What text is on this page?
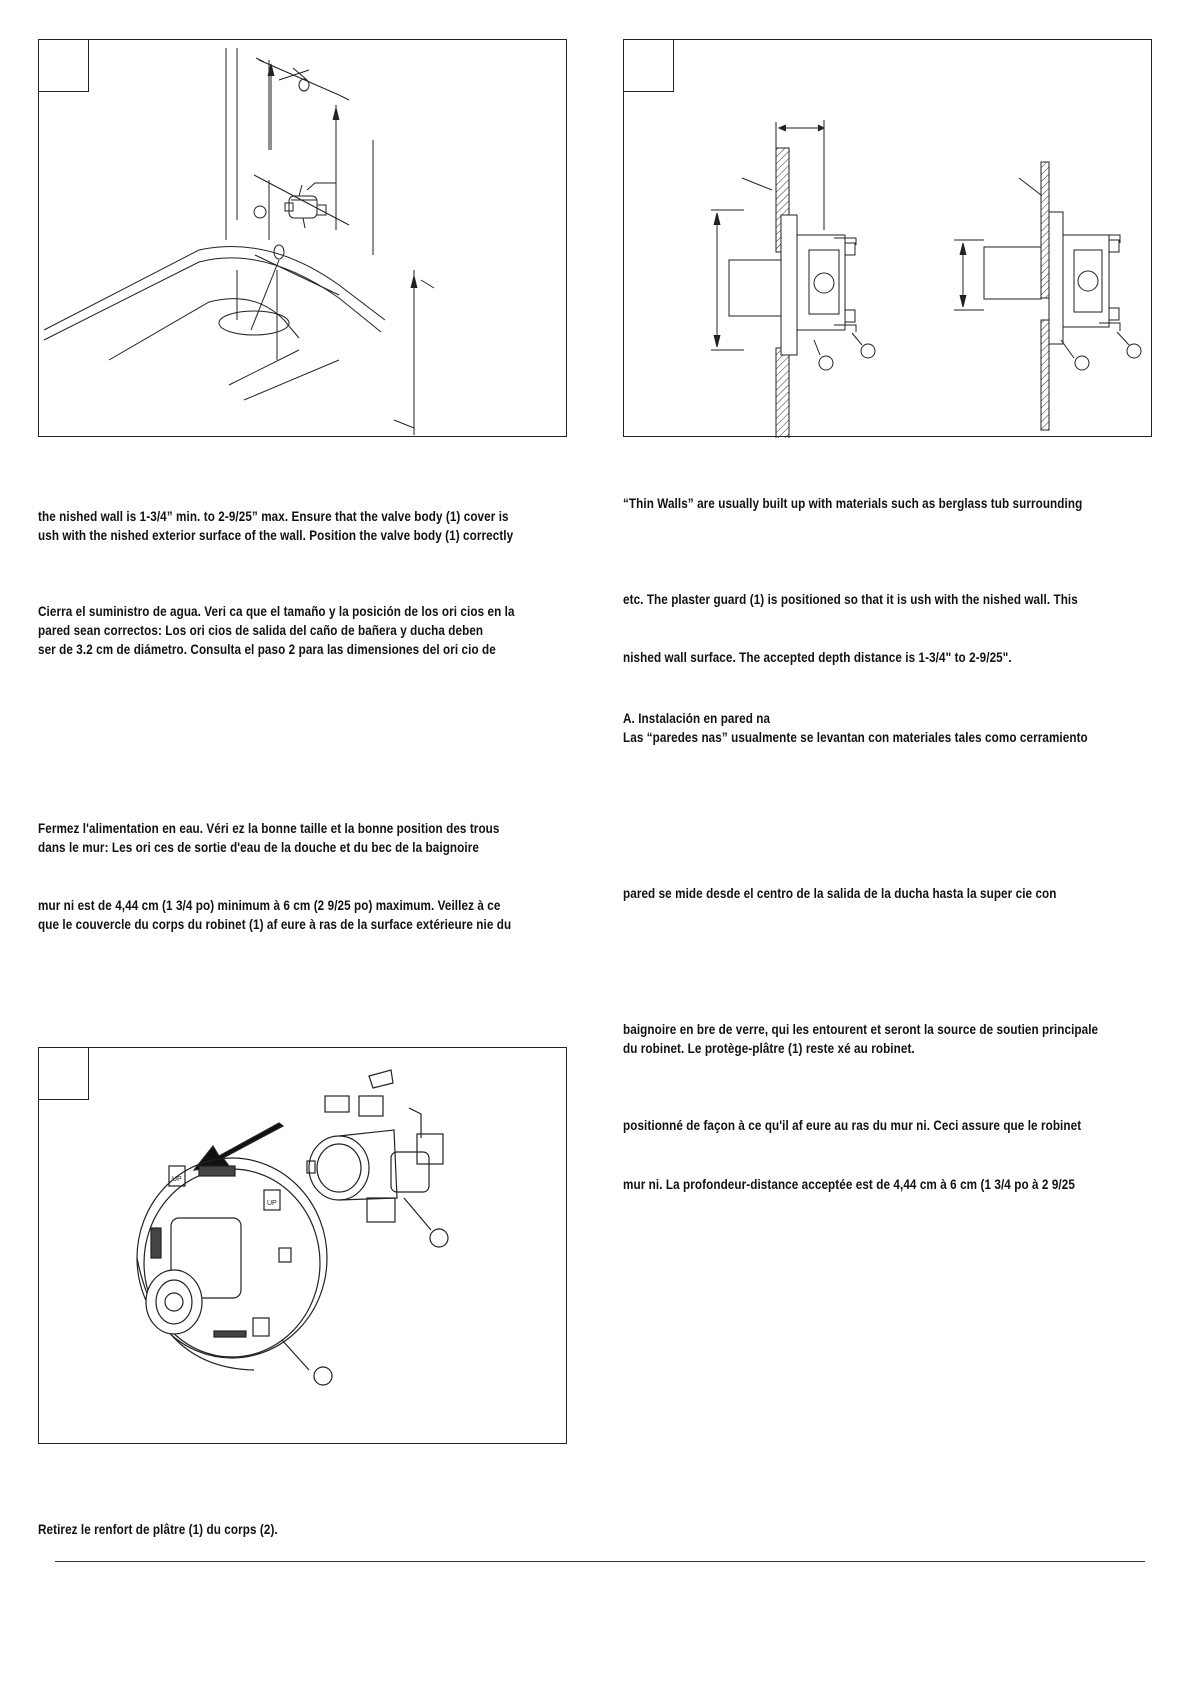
UP
UP
the nished wall is 1-3/4” min. to 2-9/25” max. Ensure that the valve body (1) cover is
ush with the nished exterior surface of the wall. Position the valve body (1) correctly
Cierra el suministro de agua. Veri ca que el tamaño y la posición de los ori cios en la
pared sean correctos: Los ori cios de salida del caño de bañera y ducha deben
ser de 3.2 cm de diámetro. Consulta el paso 2 para las dimensiones del ori cio de
Fermez l'alimentation en eau. Véri ez la bonne taille et la bonne position des trous
dans le mur: Les ori ces de sortie d'eau de la douche et du bec de la baignoire
mur ni est de 4,44 cm (1 3/4 po) minimum à 6 cm (2 9/25 po) maximum. Veillez à ce
que le couvercle du corps du robinet (1) af eure à ras de la surface extérieure nie du
Retirez le renfort de plâtre (1) du corps (2).
“Thin Walls” are usually built up with materials such as berglass tub surrounding
etc. The plaster guard (1) is positioned so that it is ush with the nished wall. This
nished wall surface. The accepted depth distance is 1-3/4" to 2-9/25".
A. Instalación en pared na
Las “paredes nas” usualmente se levantan con materiales tales como cerramiento
pared se mide desde el centro de la salida de la ducha hasta la super cie con
baignoire en bre de verre, qui les entourent et seront la source de soutien principale
du robinet. Le protège-plâtre (1) reste xé au robinet.
positionné de façon à ce qu'il af eure au ras du mur ni. Ceci assure que le robinet
mur ni. La profondeur-distance acceptée est de 4,44 cm à 6 cm (1 3/4 po à 2 9/25
